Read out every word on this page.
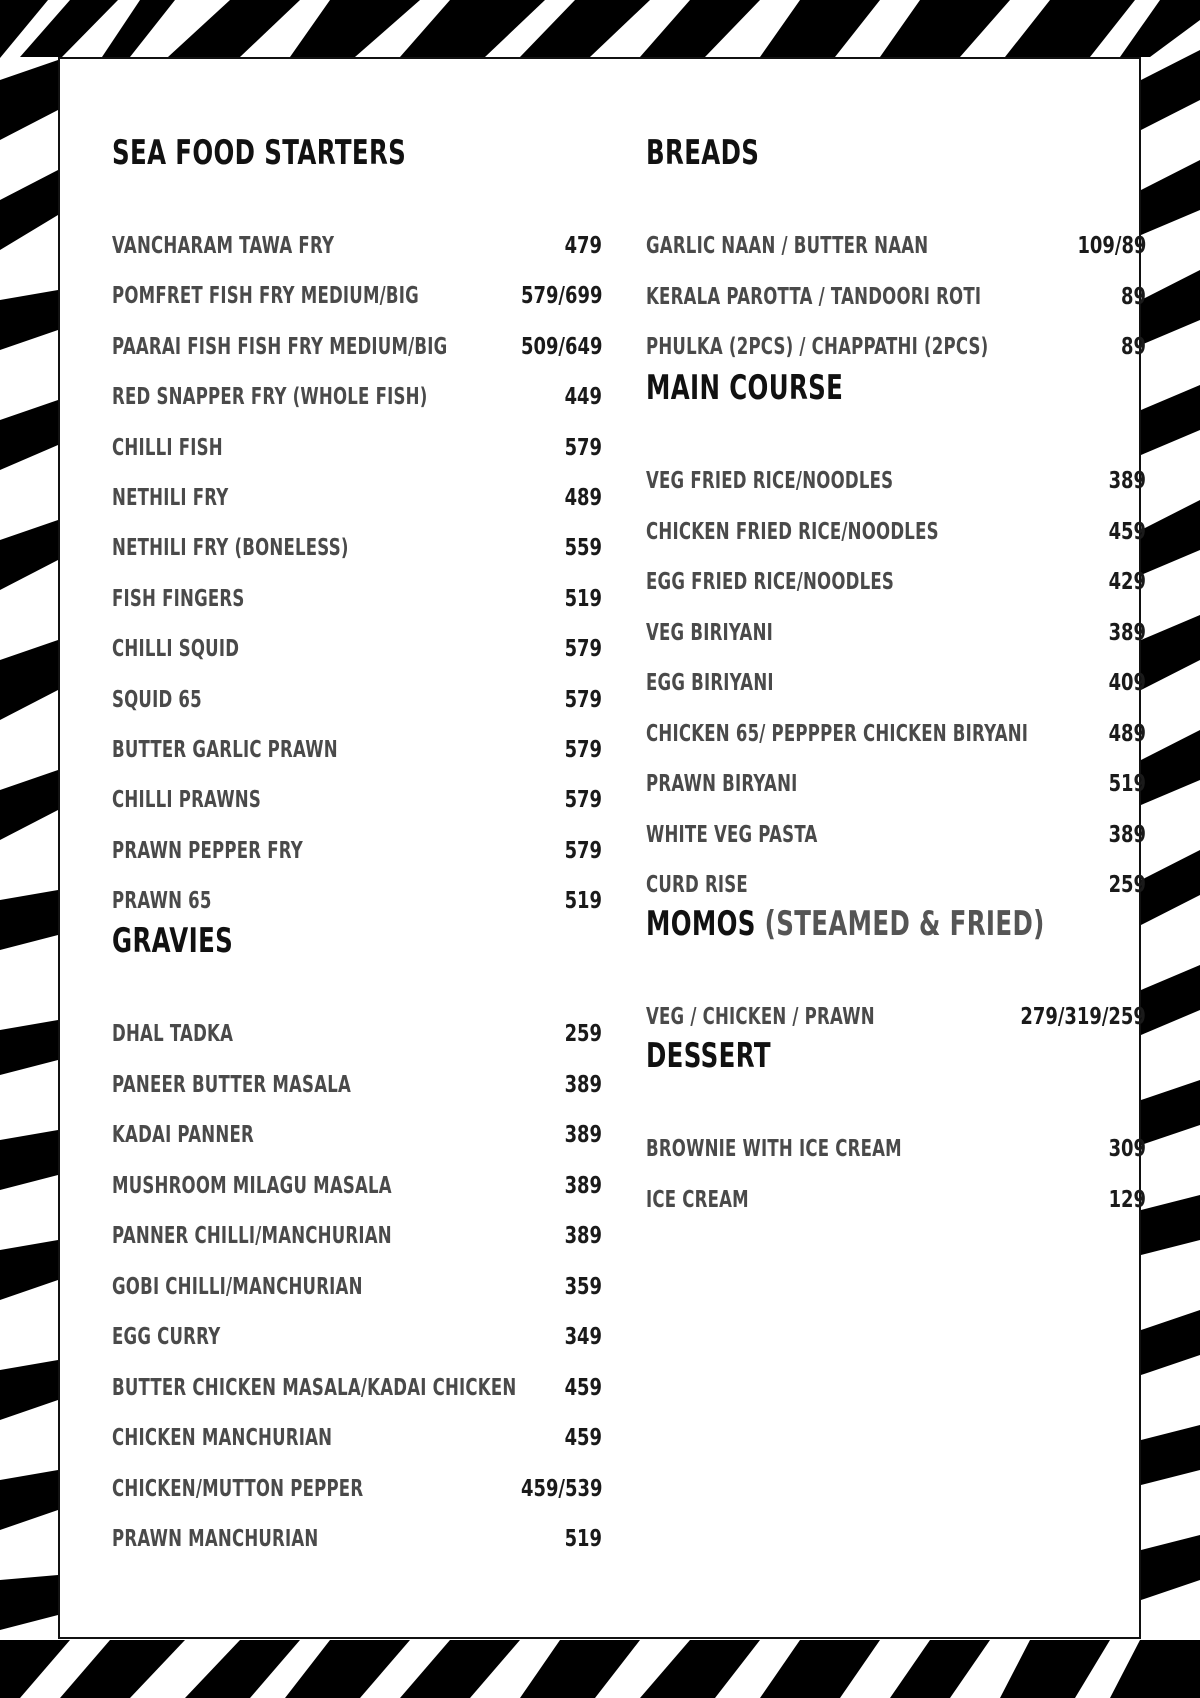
SEA FOOD STARTERS
VANCHARAM TAWA FRY	479
POMFRET FISH FRY MEDIUM/BIG	579/699
PAARAI FISH FISH FRY MEDIUM/BIG	509/649
RED SNAPPER FRY (WHOLE FISH)	449
CHILLI FISH	579
NETHILI FRY	489
NETHILI FRY (BONELESS)	559
FISH FINGERS	519
CHILLI SQUID	579
SQUID 65	579
BUTTER GARLIC PRAWN	579
CHILLI PRAWNS	579
PRAWN PEPPER FRY	579
PRAWN 65	519
GRAVIES
DHAL TADKA	259
PANEER BUTTER MASALA	389
KADAI PANNER	389
MUSHROOM MILAGU MASALA	389
PANNER CHILLI/MANCHURIAN	389
GOBI CHILLI/MANCHURIAN	359
EGG CURRY	349
BUTTER CHICKEN MASALA/KADAI CHICKEN 459
CHICKEN MANCHURIAN	459
CHICKEN/MUTTON PEPPER	459/539
PRAWN MANCHURIAN	519
BREADS
GARLIC NAAN / BUTTER NAAN	109/89
KERALA PAROTTA / TANDOORI ROTI	89
PHULKA (2PCS) / CHAPPATHI (2PCS)	89
MAIN COURSE
VEG FRIED RICE/NOODLES	389
CHICKEN FRIED RICE/NOODLES	459
EGG FRIED RICE/NOODLES	429
VEG BIRIYANI	389
EGG BIRIYANI	409
CHICKEN 65/ PEPPPER CHICKEN BIRYANI	489
PRAWN BIRYANI	519
WHITE VEG PASTA	389
CURD RISE	259
MOMOS (STEAMED & FRIED)
VEG / CHICKEN / PRAWN	279/319/259
DESSERT
BROWNIE WITH ICE CREAM	309
ICE CREAM	129
